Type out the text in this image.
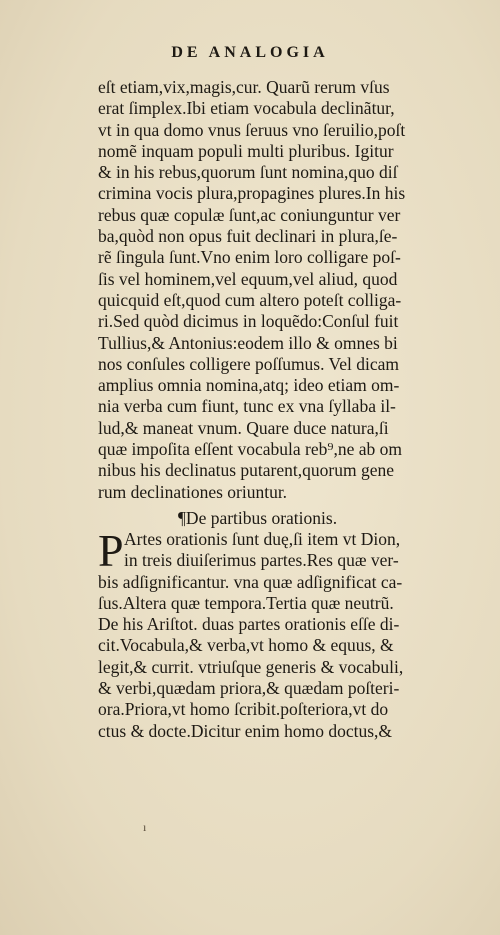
DE ANALOGIA
eſt etiam,vix,magis,cur. Quarũ rerum vſus
erat ſimplex.Ibi etiam vocabula declinãtur,
vt in qua domo vnus ſeruus vno ſeruilio,poſt
nomẽ inquam populi multi pluribus. Igitur
& in his rebus,quorum ſunt nomina,quo diſ
crimina vocis plura,propagines plures.In his
rebus quæ copulæ ſunt,ac coniunguntur ver
ba,quòd non opus fuit declinari in plura,ſe-
rẽ ſingula ſunt.Vno enim loro colligare poſ-
ſis vel hominem,vel equum,vel aliud, quod
quicquid eſt,quod cum altero poteſt colliga-
ri.Sed quòd dicimus in loquẽdo:Conſul fuit
Tullius,& Antonius:eodem illo & omnes bi
nos conſules colligere poſſumus. Vel dicam
amplius omnia nomina,atq; ideo etiam om-
nia verba cum fiunt, tunc ex vna ſyllaba il-
lud,& maneat vnum. Quare duce natura,ſi
quæ impoſita eſſent vocabula reb⁹,ne ab om
nibus his declinatus putarent,quorum gene
rum declinationes oriuntur.
¶De partibus orationis.
P Artes orationis ſunt duę,ſi item vt Dion,
in treis diuiſerimus partes.Res quæ ver-
bis adſignificantur. vna quæ adſignificat ca-
ſus.Altera quæ tempora.Tertia quæ neutrũ.
De his Ariſtot. duas partes orationis eſſe di-
cit.Vocabula,& verba,vt homo & equus, &
legit,& currit. vtriuſque generis & vocabuli,
& verbi,quædam priora,& quædam poſteri-
ora.Priora,vt homo ſcribit.poſteriora,vt do
ctus & docte.Dicitur enim homo doctus,&
ı
